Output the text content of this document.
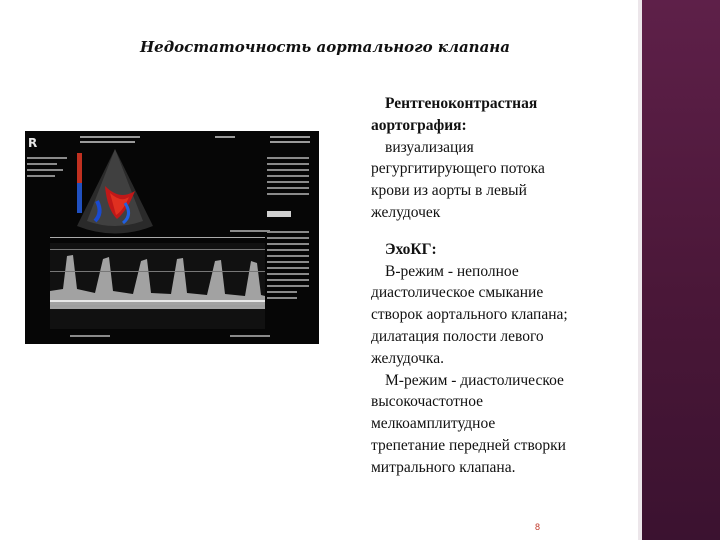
Недостаточность аортального клапана
R

Рентгеноконтрастная аортография:

визуализация регургитирующего потока крови из аорты в левый желудочек

ЭхоКГ:

В-режим - неполное диастолическое смыкание створок аортального клапана; дилатация полости левого желудочка.

М-режим - диастолическое высокочастотное мелкоамплитудное трепетание передней створки митрального клапана.

8
